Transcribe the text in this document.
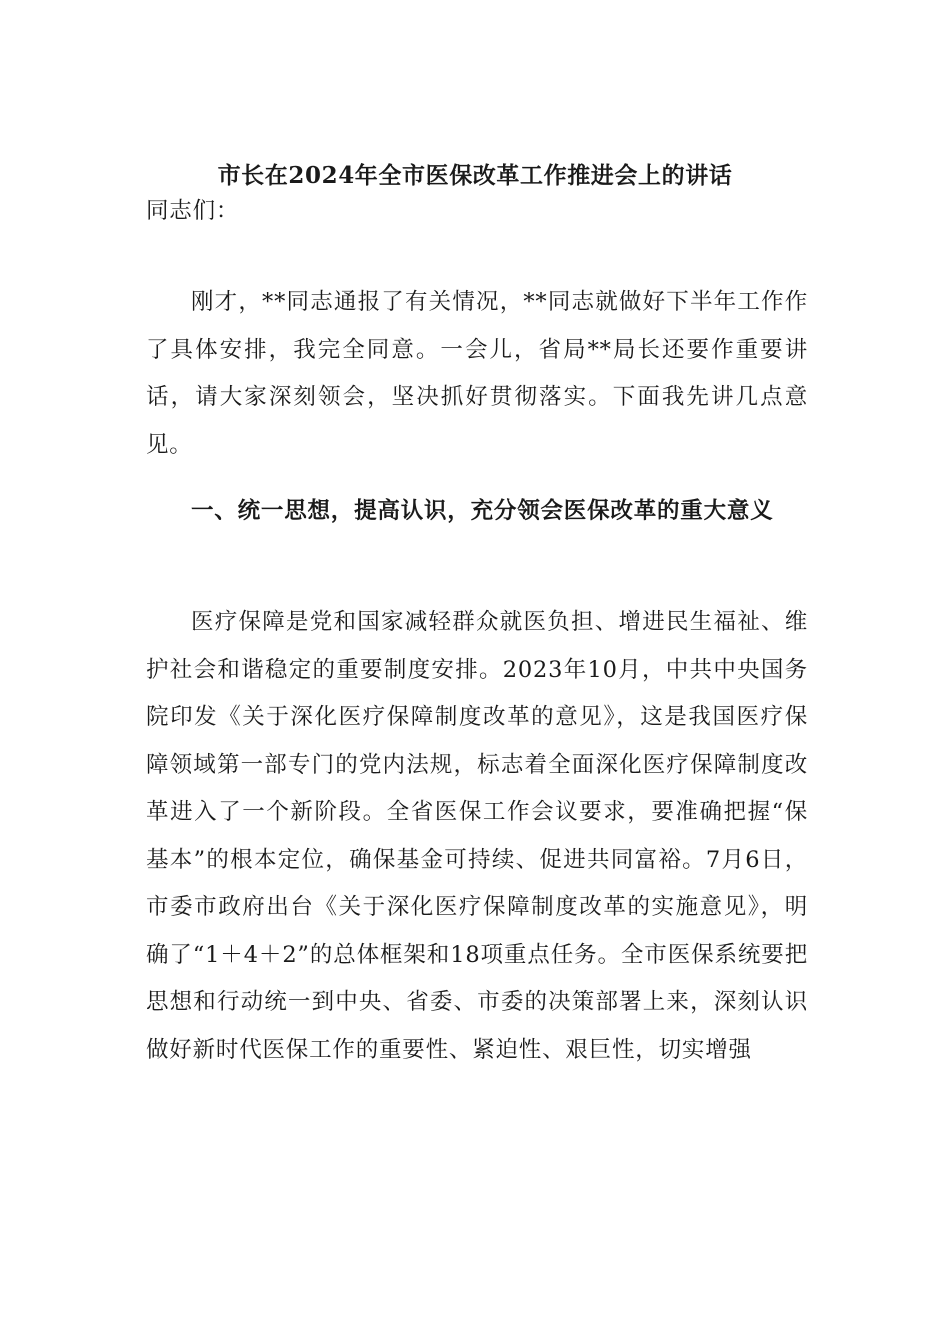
市长在2024年全市医保改革工作推进会上的讲话

同志们：

刚才，**同志通报了有关情况，**同志就做好下半年工作作了具体安排，我完全同意。一会儿，省局**局长还要作重要讲话，请大家深刻领会，坚决抓好贯彻落实。下面我先讲几点意见。

一、统一思想，提高认识，充分领会医保改革的重大意义

医疗保障是党和国家减轻群众就医负担、增进民生福祉、维护社会和谐稳定的重要制度安排。2023年10月，中共中央国务院印发《关于深化医疗保障制度改革的意见》，这是我国医疗保障领域第一部专门的党内法规，标志着全面深化医疗保障制度改革进入了一个新阶段。全省医保工作会议要求，要准确把握“保基本”的根本定位，确保基金可持续、促进共同富裕。7月6日，市委市政府出台《关于深化医疗保障制度改革的实施意见》，明确了“1＋4＋2”的总体框架和18项重点任务。全市医保系统要把思想和行动统一到中央、省委、市委的决策部署上来，深刻认识做好新时代医保工作的重要性、紧迫性、艰巨性，切实增强
